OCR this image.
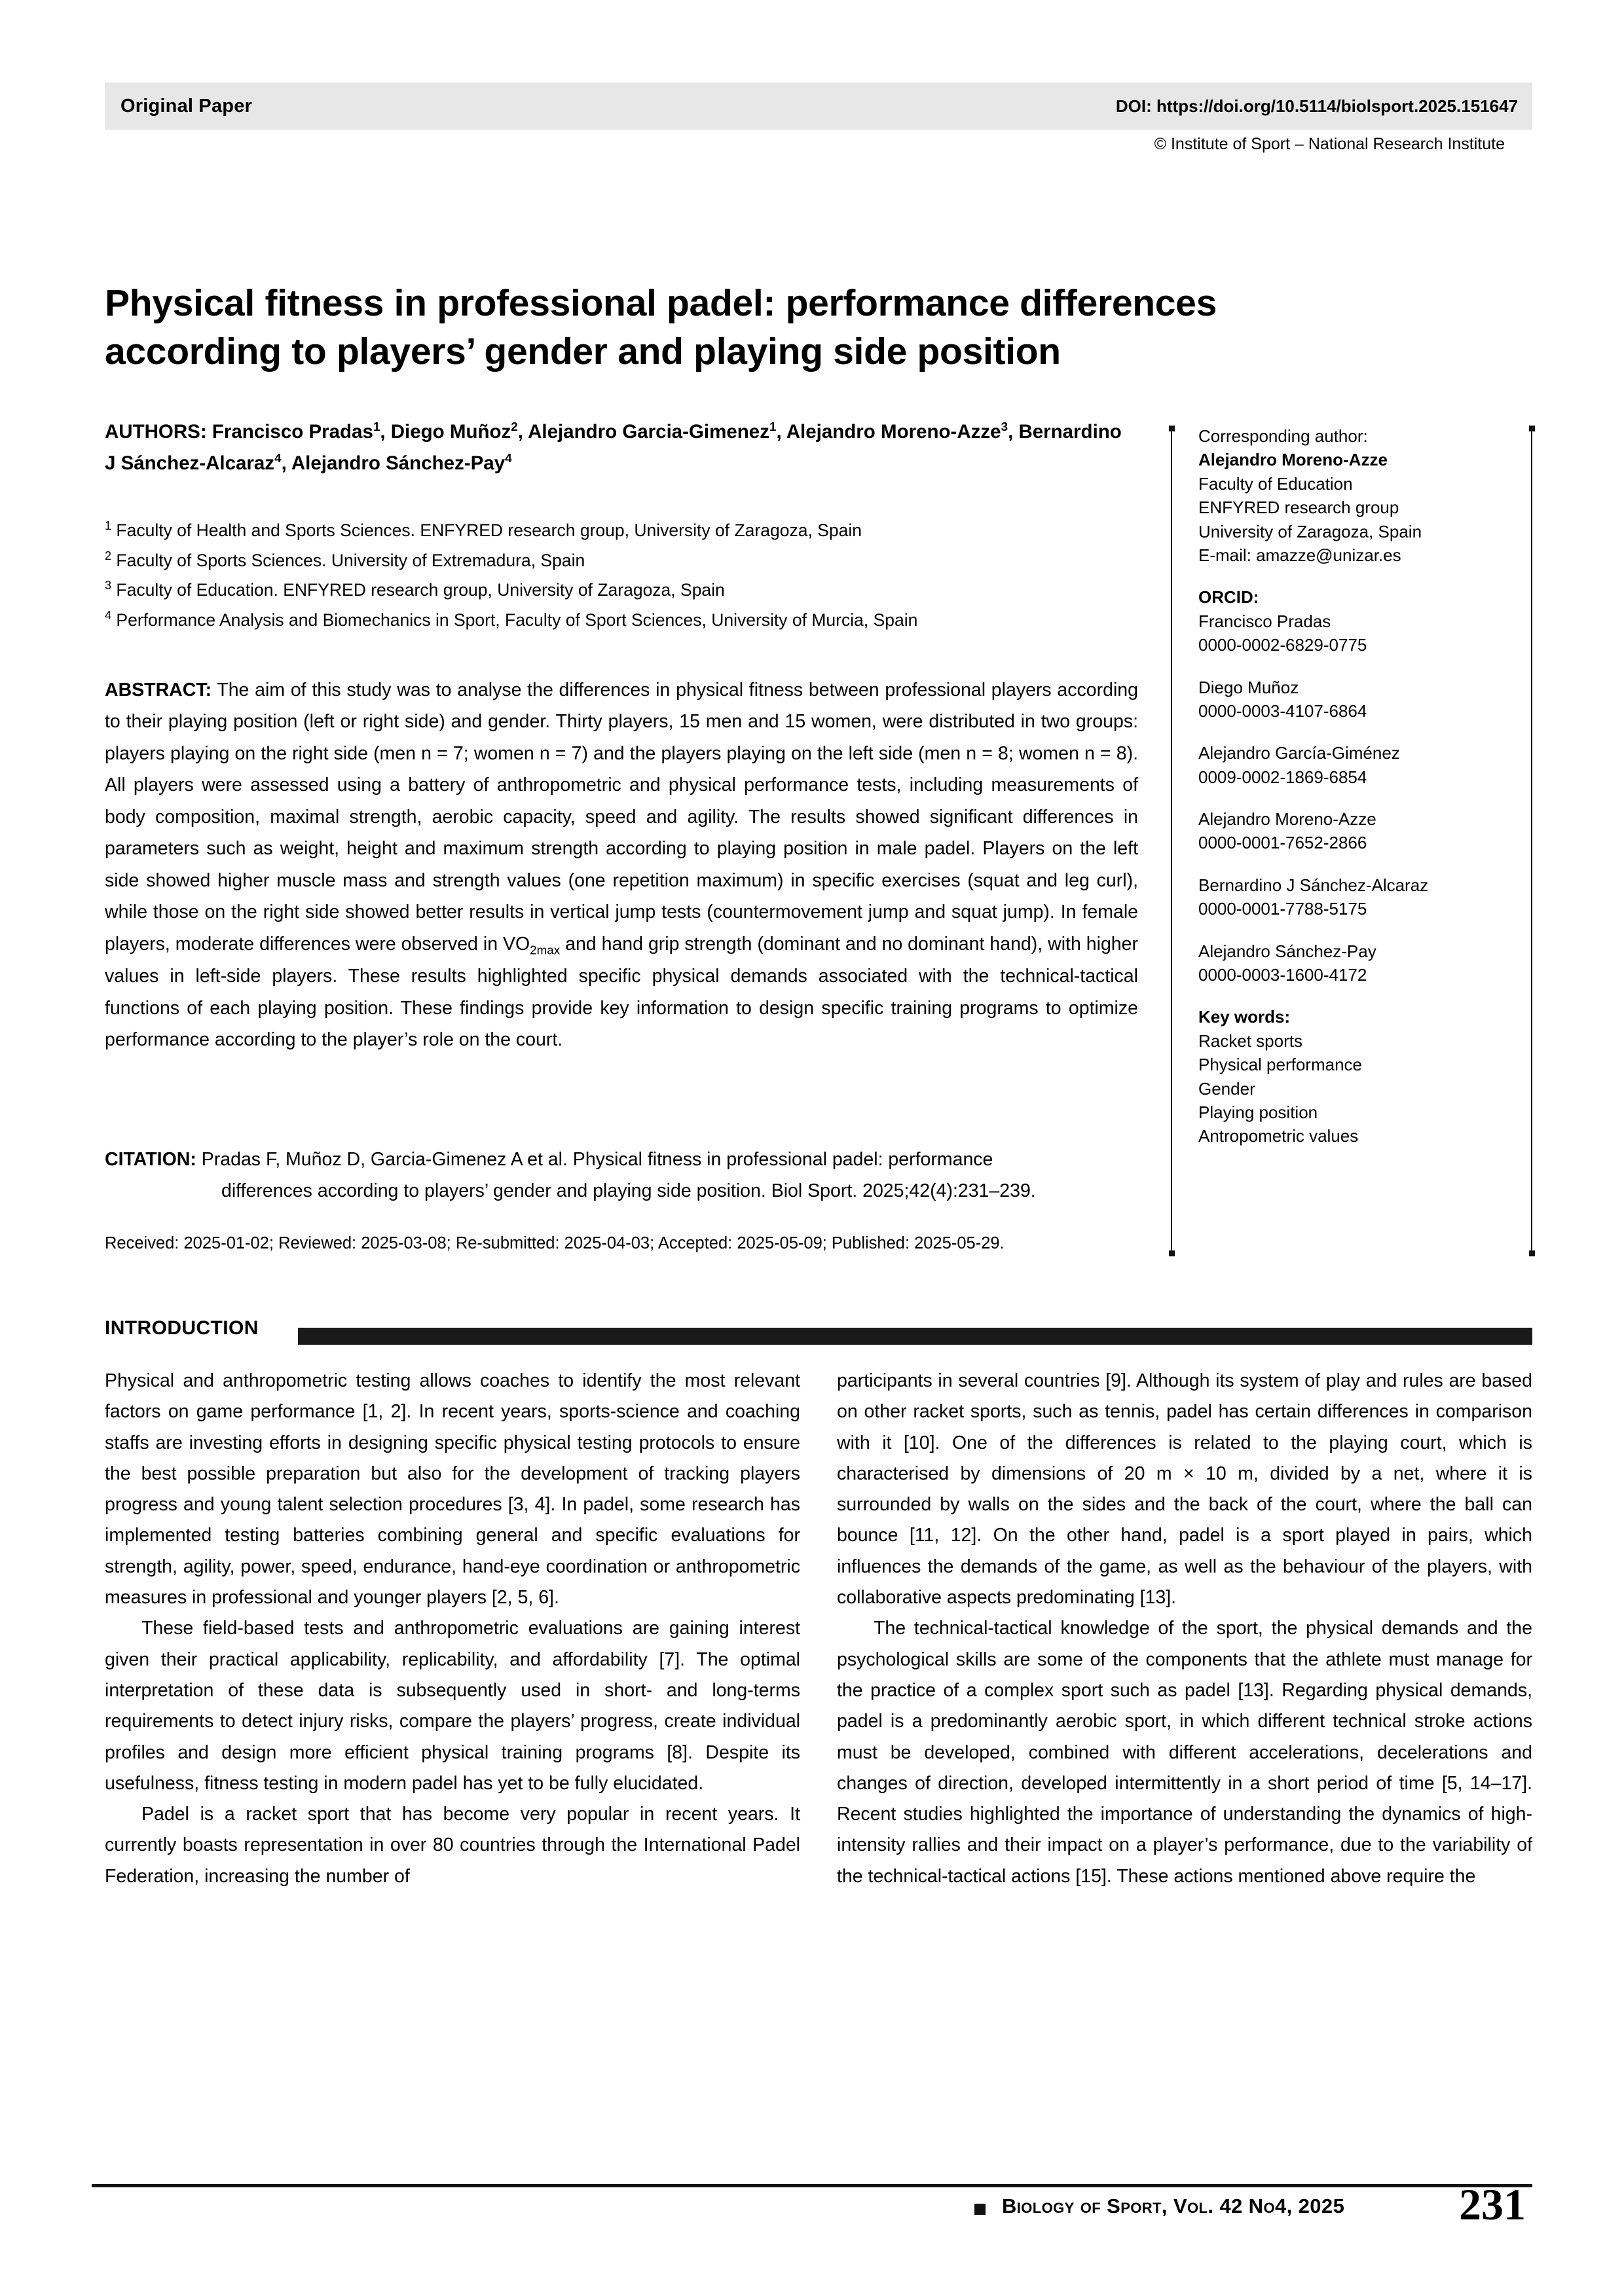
Original Paper	DOI: https://doi.org/10.5114/biolsport.2025.151647
© Institute of Sport – National Research Institute
Physical fitness in professional padel: performance differences according to players’ gender and playing side position
AUTHORS: Francisco Pradas$^1$, Diego Muñoz$^2$, Alejandro Garcia-Gimenez$^1$, Alejandro Moreno-Azze$^3$, Bernardino J Sánchez-Alcaraz$^4$, Alejandro Sánchez-Pay$^4$
$^1$ Faculty of Health and Sports Sciences. ENFYRED research group, University of Zaragoza, Spain
$^2$ Faculty of Sports Sciences. University of Extremadura, Spain
$^3$ Faculty of Education. ENFYRED research group, University of Zaragoza, Spain
$^4$ Performance Analysis and Biomechanics in Sport, Faculty of Sport Sciences, University of Murcia, Spain
ABSTRACT: The aim of this study was to analyse the differences in physical fitness between professional players according to their playing position (left or right side) and gender. Thirty players, 15 men and 15 women, were distributed in two groups: players playing on the right side (men n = 7; women n = 7) and the players playing on the left side (men n = 8; women n = 8). All players were assessed using a battery of anthropometric and physical performance tests, including measurements of body composition, maximal strength, aerobic capacity, speed and agility. The results showed significant differences in parameters such as weight, height and maximum strength according to playing position in male padel. Players on the left side showed higher muscle mass and strength values (one repetition maximum) in specific exercises (squat and leg curl), while those on the right side showed better results in vertical jump tests (countermovement jump and squat jump). In female players, moderate differences were observed in $VO_{2max}$ and hand grip strength (dominant and no dominant hand), with higher values in left-side players. These results highlighted specific physical demands associated with the technical-tactical functions of each playing position. These findings provide key information to design specific training programs to optimize performance according to the player’s role on the court.
CITATION: Pradas F, Muñoz D, Garcia-Gimenez A et al. Physical fitness in professional padel: performance
differences according to players’ gender and playing side position. Biol Sport. 2025;42(4):231–239.
Received: 2025-01-02; Reviewed: 2025-03-08; Re-submitted: 2025-04-03; Accepted: 2025-05-09; Published: 2025-05-29.
Corresponding author:
Alejandro Moreno-Azze
Faculty of Education
ENFYRED research group
University of Zaragoza, Spain
E-mail: amazze@unizar.es
ORCID:
Francisco Pradas
0000-0002-6829-0775
Diego Muñoz
0000-0003-4107-6864
Alejandro García-Giménez
0009-0002-1869-6854
Alejandro Moreno-Azze
0000-0001-7652-2866
Bernardino J Sánchez-Alcaraz
0000-0001-7788-5175
Alejandro Sánchez-Pay
0000-0003-1600-4172
Key words:
Racket sports
Physical performance
Gender
Playing position
Antropometric values
INTRODUCTION

Physical and anthropometric testing allows coaches to identify the most relevant factors on game performance [1, 2]. In recent years, sports-science and coaching staffs are investing efforts in designing specific physical testing protocols to ensure the best possible preparation but also for the development of tracking players progress and young talent selection procedures [3, 4]. In padel, some research has implemented testing batteries combining general and specific evaluations for strength, agility, power, speed, endurance, hand-eye coordination or anthropometric measures in professional and younger players [2, 5, 6].

These field-based tests and anthropometric evaluations are gaining interest given their practical applicability, replicability, and affordability [7]. The optimal interpretation of these data is subsequently used in short- and long-terms requirements to detect injury risks, compare the players’ progress, create individual profiles and design more efficient physical training programs [8]. Despite its usefulness, fitness testing in modern padel has yet to be fully elucidated.

Padel is a racket sport that has become very popular in recent years. It currently boasts representation in over 80 countries through the International Padel Federation, increasing the number of

participants in several countries [9]. Although its system of play and rules are based on other racket sports, such as tennis, padel has certain differences in comparison with it [10]. One of the differences is related to the playing court, which is characterised by dimensions of 20 m × 10 m, divided by a net, where it is surrounded by walls on the sides and the back of the court, where the ball can bounce [11, 12]. On the other hand, padel is a sport played in pairs, which influences the demands of the game, as well as the behaviour of the players, with collaborative aspects predominating [13].

The technical-tactical knowledge of the sport, the physical demands and the psychological skills are some of the components that the athlete must manage for the practice of a complex sport such as padel [13]. Regarding physical demands, padel is a predominantly aerobic sport, in which different technical stroke actions must be developed, combined with different accelerations, decelerations and changes of direction, developed intermittently in a short period of time [5, 14–17]. Recent studies highlighted the importance of understanding the dynamics of high-intensity rallies and their impact on a player’s performance, due to the variability of the technical-tactical actions [15]. These actions mentioned above require the

Biology of Sport, Vol. 42 No4, 2025	231
